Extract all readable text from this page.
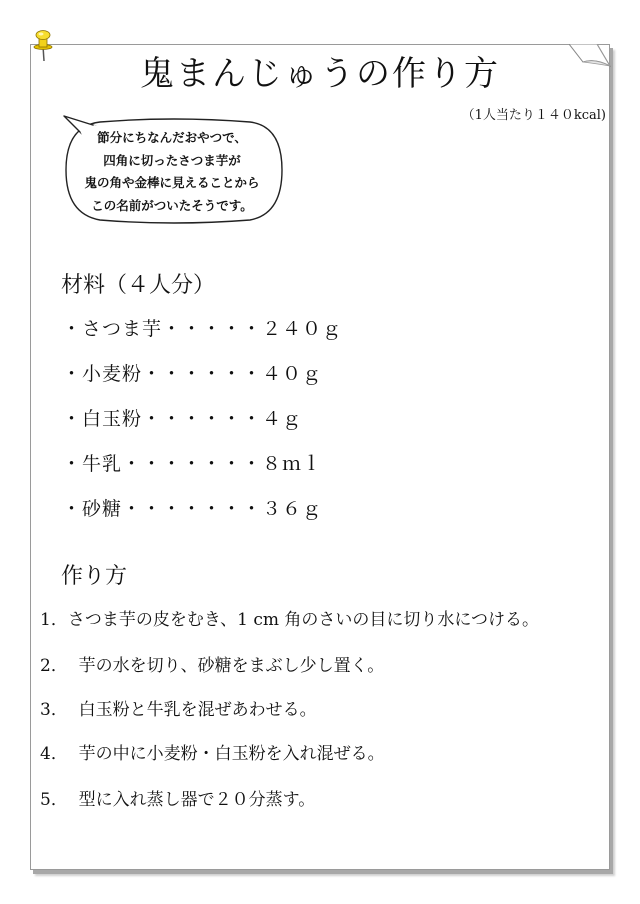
鬼まんじゅうの作り方
（1人当たり１４０kcal)
節分にちなんだおやつで、
四角に切ったさつま芋が
鬼の角や金棒に見えることから
この名前がついたそうです。
材料（４人分）
・さつま芋・・・・・２４０ｇ
・小麦粉・・・・・・４０ｇ
・白玉粉・・・・・・４ｇ
・牛乳・・・・・・・８ｍｌ
・砂糖・・・・・・・３６ｇ
作り方
1．さつま芋の皮をむき、1 cm 角のさいの目に切り水につける。
2．  芋の水を切り、砂糖をまぶし少し置く。
3．  白玉粉と牛乳を混ぜあわせる。
4．  芋の中に小麦粉・白玉粉を入れ混ぜる。
5．  型に入れ蒸し器で２０分蒸す。
